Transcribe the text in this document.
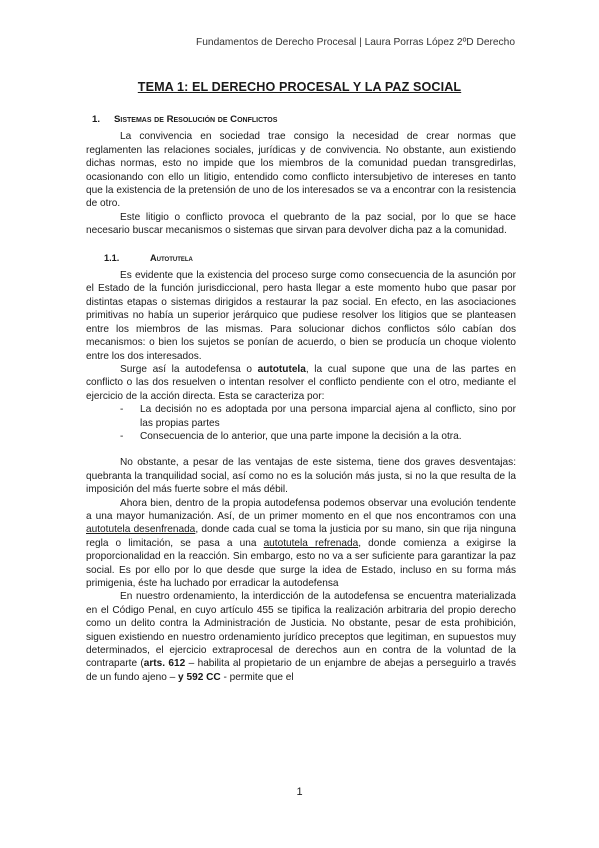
Fundamentos de Derecho Procesal | Laura Porras López 2ºD Derecho
TEMA 1: EL DERECHO PROCESAL Y LA PAZ SOCIAL
1. Sistemas de Resolución de Conflictos

La convivencia en sociedad trae consigo la necesidad de crear normas que reglamenten las relaciones sociales, jurídicas y de convivencia. No obstante, aun existiendo dichas normas, esto no impide que los miembros de la comunidad puedan transgredirlas, ocasionando con ello un litigio, entendido como conflicto intersubjetivo de intereses en tanto que la existencia de la pretensión de uno de los interesados se va a encontrar con la resistencia de otro.

Este litigio o conflicto provoca el quebranto de la paz social, por lo que se hace necesario buscar mecanismos o sistemas que sirvan para devolver dicha paz a la comunidad.

1.1.	Autotutela

Es evidente que la existencia del proceso surge como consecuencia de la asunción por el Estado de la función jurisdiccional, pero hasta llegar a este momento hubo que pasar por distintas etapas o sistemas dirigidos a restaurar la paz social. En efecto, en las asociaciones primitivas no había un superior jerárquico que pudiese resolver los litigios que se planteasen entre los miembros de las mismas. Para solucionar dichos conflictos sólo cabían dos mecanismos: o bien los sujetos se ponían de acuerdo, o bien se producía un choque violento entre los dos interesados.

Surge así la autodefensa o autotutela, la cual supone que una de las partes en conflicto o las dos resuelven o intentan resolver el conflicto pendiente con el otro, mediante el ejercicio de la acción directa. Esta se caracteriza por:

- La decisión no es adoptada por una persona imparcial ajena al conflicto, sino por las propias partes
- Consecuencia de lo anterior, que una parte impone la decisión a la otra.

No obstante, a pesar de las ventajas de este sistema, tiene dos graves desventajas: quebranta la tranquilidad social, así como no es la solución más justa, si no la que resulta de la imposición del más fuerte sobre el más débil.

Ahora bien, dentro de la propia autodefensa podemos observar una evolución tendente a una mayor humanización. Así, de un primer momento en el que nos encontramos con una autotutela desenfrenada, donde cada cual se toma la justicia por su mano, sin que rija ninguna regla o limitación, se pasa a una autotutela refrenada, donde comienza a exigirse la proporcionalidad en la reacción. Sin embargo, esto no va a ser suficiente para garantizar la paz social. Es por ello por lo que desde que surge la idea de Estado, incluso en su forma más primigenia, éste ha luchado por erradicar la autodefensa

En nuestro ordenamiento, la interdicción de la autodefensa se encuentra materializada en el Código Penal, en cuyo artículo 455 se tipifica la realización arbitraria del propio derecho como un delito contra la Administración de Justicia. No obstante, pesar de esta prohibición, siguen existiendo en nuestro ordenamiento jurídico preceptos que legitiman, en supuestos muy determinados, el ejercicio extraprocesal de derechos aun en contra de la voluntad de la contraparte (arts. 612 – habilita al propietario de un enjambre de abejas a perseguirlo a través de un fundo ajeno – y 592 CC - permite que el

1
